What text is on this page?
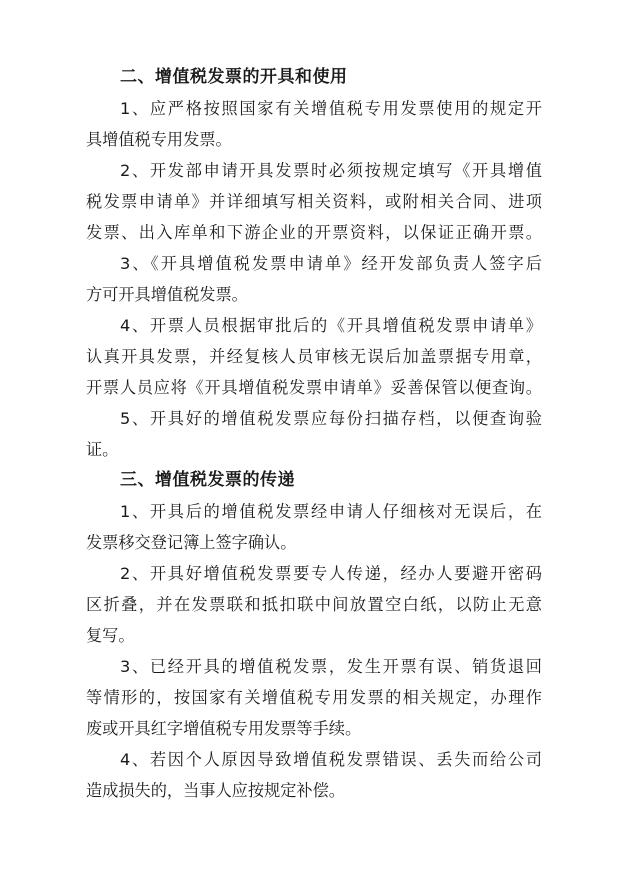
二、增值税发票的开具和使用
1、应严格按照国家有关增值税专用发票使用的规定开
具增值税专用发票。
2、开发部申请开具发票时必须按规定填写《开具增值
税发票申请单》并详细填写相关资料，或附相关合同、进项
发票、出入库单和下游企业的开票资料，以保证正确开票。
3、《开具增值税发票申请单》经开发部负责人签字后
方可开具增值税发票。
4、开票人员根据审批后的《开具增值税发票申请单》
认真开具发票，并经复核人员审核无误后加盖票据专用章，
开票人员应将《开具增值税发票申请单》妥善保管以便查询。
5、开具好的增值税发票应每份扫描存档，以便查询验
证。
三、增值税发票的传递
1、开具后的增值税发票经申请人仔细核对无误后，在
发票移交登记簿上签字确认。
2、开具好增值税发票要专人传递，经办人要避开密码
区折叠，并在发票联和抵扣联中间放置空白纸，以防止无意
复写。
3、已经开具的增值税发票，发生开票有误、销货退回
等情形的，按国家有关增值税专用发票的相关规定，办理作
废或开具红字增值税专用发票等手续。
4、若因个人原因导致增值税发票错误、丢失而给公司
造成损失的，当事人应按规定补偿。
